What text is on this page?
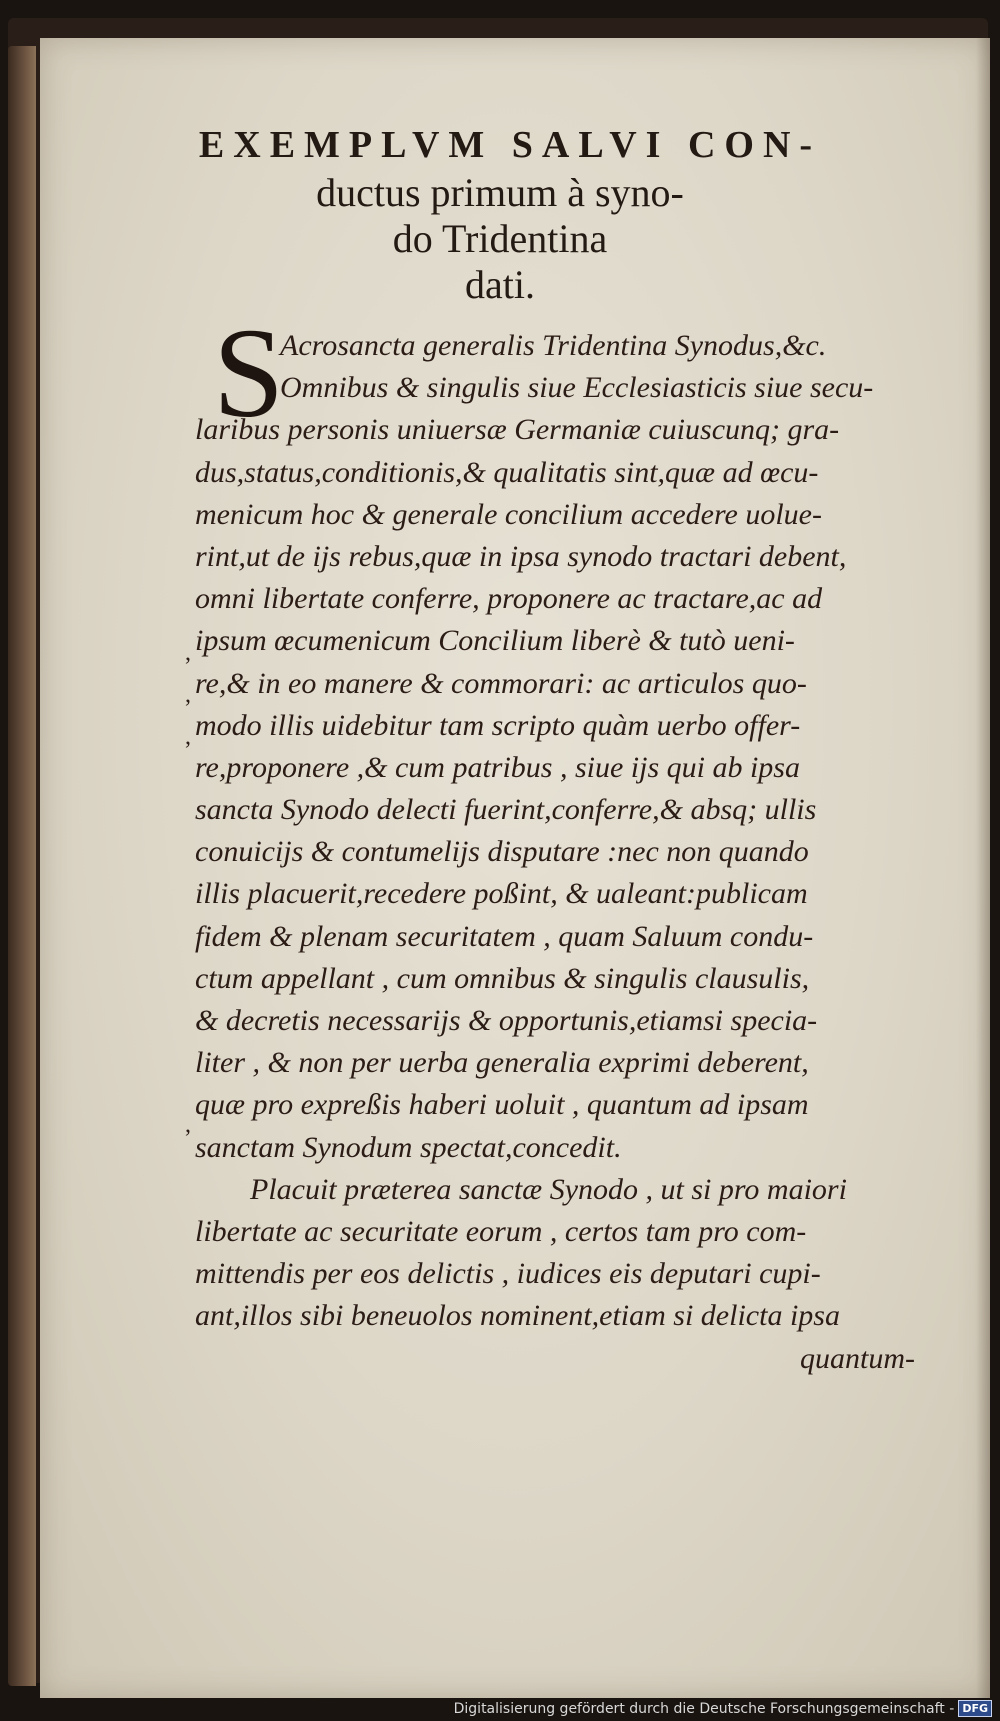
EXEMPLVM SALVI CON-
ductus primum à syno-
do Tridentina
dati.
S
Acrosancta generalis Tridentina Synodus,&c.
Omnibus & singulis siue Ecclesiasticis siue secu-
laribus personis uniuersæ Germaniæ cuiuscunq; gra-
dus,status,conditionis,& qualitatis sint,quæ ad œcu-
menicum hoc & generale concilium accedere uolue-
rint,ut de ijs rebus,quæ in ipsa synodo tractari debent,
omni libertate conferre, proponere ac tractare,ac ad
ipsum œcumenicum Concilium liberè & tutò ueni-
re,& in eo manere & commorari: ac articulos quo-
modo illis uidebitur tam scripto quàm uerbo offer-
re,proponere ,& cum patribus , siue ijs qui ab ipsa
sancta Synodo delecti fuerint,conferre,& absq; ullis
conuicijs & contumelijs disputare :nec non quando
illis placuerit,recedere poßint, & ualeant:publicam
fidem & plenam securitatem , quam Saluum condu-
ctum appellant , cum omnibus & singulis clausulis,
& decretis necessarijs & opportunis,etiamsi specia-
liter , & non per uerba generalia exprimi deberent,
quæ pro expreßis haberi uoluit , quantum ad ipsam
sanctam Synodum spectat,concedit.
Placuit præterea sanctæ Synodo , ut si pro maiori
libertate ac securitate eorum , certos tam pro com-
mittendis per eos delictis , iudices eis deputari cupi-
ant,illos sibi beneuolos nominent,etiam si delicta ipsa
quantum-
,
,
,
,
Digitalisierung gefördert durch die Deutsche Forschungsgemeinschaft - DFG
